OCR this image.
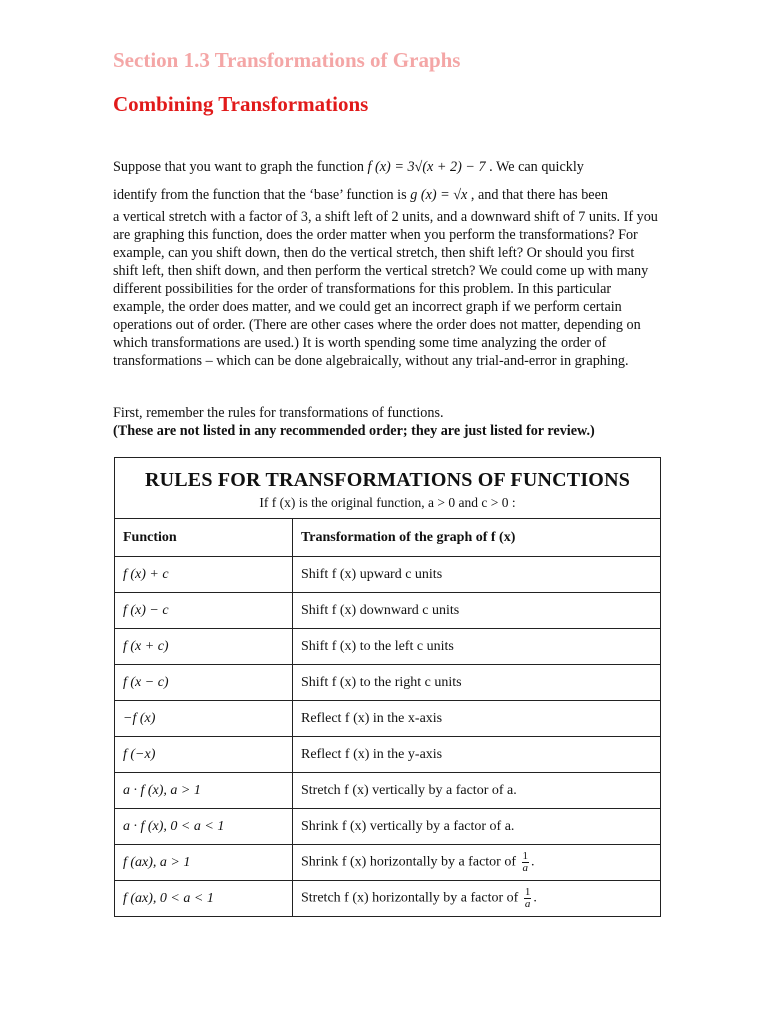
Section 1.3 Transformations of Graphs
Combining Transformations
Suppose that you want to graph the function f (x) = 3√(x + 2) − 7 . We can quickly
identify from the function that the ‘base’ function is g (x) = √x , and that there has been
a vertical stretch with a factor of 3, a shift left of 2 units, and a downward shift of 7 units. If you are graphing this function, does the order matter when you perform the transformations? For example, can you shift down, then do the vertical stretch, then shift left? Or should you first shift left, then shift down, and then perform the vertical stretch? We could come up with many different possibilities for the order of transformations for this problem. In this particular example, the order does matter, and we could get an incorrect graph if we perform certain operations out of order. (There are other cases where the order does not matter, depending on which transformations are used.) It is worth spending some time analyzing the order of transformations – which can be done algebraically, without any trial-and-error in graphing.
First, remember the rules for transformations of functions.
(These are not listed in any recommended order; they are just listed for review.)
RULES FOR TRANSFORMATIONS OF FUNCTIONS
If f (x) is the original function, a > 0 and c > 0 :	

Function	Transformation of the graph of f (x)
f (x) + c	Shift f (x) upward c units
f (x) − c	Shift f (x) downward c units
f (x + c)	Shift f (x) to the left c units
f (x − c)	Shift f (x) to the right c units
−f (x)	Reflect f (x) in the x-axis
f (−x)	Reflect f (x) in the y-axis
a · f (x), a > 1	Stretch f (x) vertically by a factor of a.
a · f (x), 0 < a < 1	Shrink f (x) vertically by a factor of a.
f (ax), a > 1	Shrink f (x) horizontally by a factor of $\frac{1}{a}$ .
f (ax), 0 < a < 1	Stretch f (x) horizontally by a factor of $\frac{1}{a}$ .
